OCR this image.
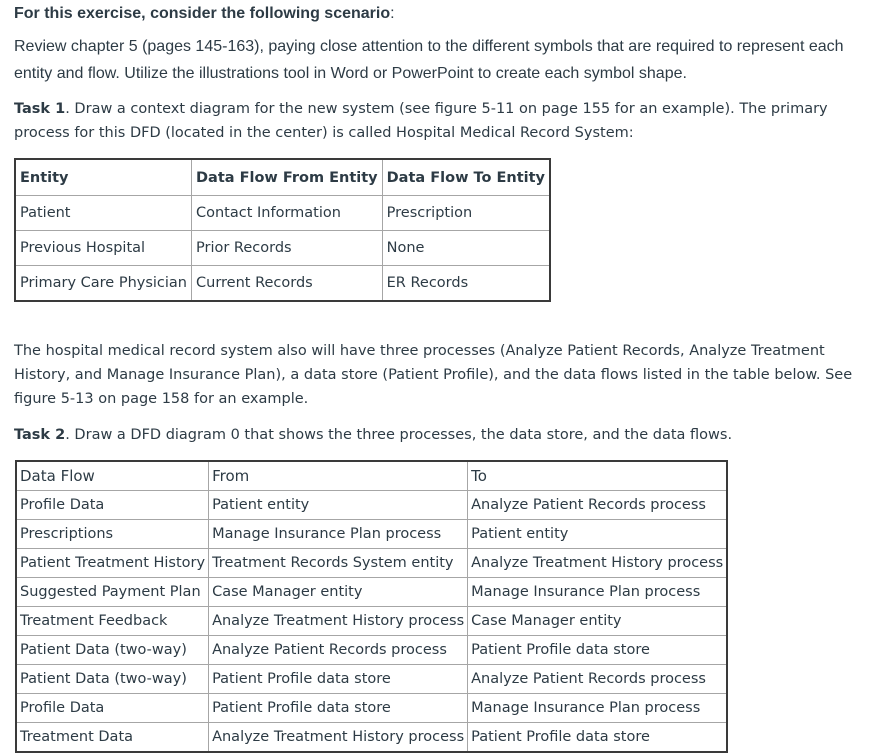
For this exercise, consider the following scenario:

Review chapter 5 (pages 145-163), paying close attention to the different symbols that are required to represent each entity and flow. Utilize the illustrations tool in Word or PowerPoint to create each symbol shape.

Task 1. Draw a context diagram for the new system (see figure 5-11 on page 155 for an example). The primary process for this DFD (located in the center) is called Hospital Medical Record System:

Entity	Data Flow From Entity	Data Flow To Entity
Patient	Contact Information	Prescription
Previous Hospital	Prior Records	None
Primary Care Physician	Current Records	ER Records

The hospital medical record system also will have three processes (Analyze Patient Records, Analyze Treatment History, and Manage Insurance Plan), a data store (Patient Profile), and the data flows listed in the table below. See figure 5-13 on page 158 for an example.

Task 2. Draw a DFD diagram 0 that shows the three processes, the data store, and the data flows.

Data Flow	From	To
Profile Data	Patient entity	Analyze Patient Records process
Prescriptions	Manage Insurance Plan process	Patient entity
Patient Treatment History	Treatment Records System entity	Analyze Treatment History process
Suggested Payment Plan	Case Manager entity	Manage Insurance Plan process
Treatment Feedback	Analyze Treatment History process	Case Manager entity
Patient Data (two-way)	Analyze Patient Records process	Patient Profile data store
Patient Data (two-way)	Patient Profile data store	Analyze Patient Records process
Profile Data	Patient Profile data store	Manage Insurance Plan process
Treatment Data	Analyze Treatment History process	Patient Profile data store
